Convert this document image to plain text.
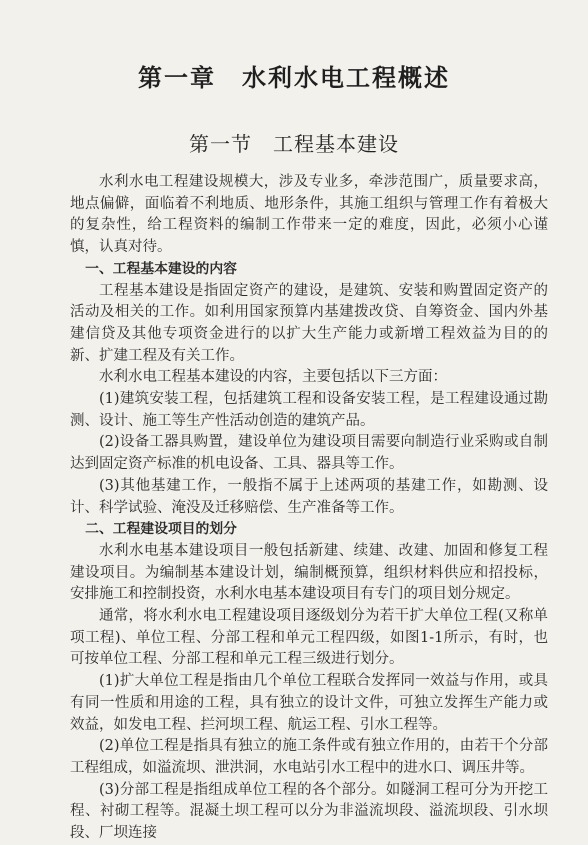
第一章　水利水电工程概述
第一节　工程基本建设

水利水电工程建设规模大，涉及专业多，牵涉范围广，质量要求高，地点偏僻，面临着不利地质、地形条件，其施工组织与管理工作有着极大的复杂性，给工程资料的编制工作带来一定的难度，因此，必须小心谨慎，认真对待。

一、工程基本建设的内容

工程基本建设是指固定资产的建设，是建筑、安装和购置固定资产的活动及相关的工作。如利用国家预算内基建拨改贷、自筹资金、国内外基建信贷及其他专项资金进行的以扩大生产能力或新增工程效益为目的的新、扩建工程及有关工作。

水利水电工程基本建设的内容，主要包括以下三方面：

(1)建筑安装工程，包括建筑工程和设备安装工程，是工程建设通过勘测、设计、施工等生产性活动创造的建筑产品。

(2)设备工器具购置，建设单位为建设项目需要向制造行业采购或自制达到固定资产标准的机电设备、工具、器具等工作。

(3)其他基建工作，一般指不属于上述两项的基建工作，如勘测、设计、科学试验、淹没及迁移赔偿、生产准备等工作。

二、工程建设项目的划分

水利水电基本建设项目一般包括新建、续建、改建、加固和修复工程建设项目。为编制基本建设计划，编制概预算，组织材料供应和招投标，安排施工和控制投资，水利水电基本建设项目有专门的项目划分规定。

通常，将水利水电工程建设项目逐级划分为若干扩大单位工程(又称单项工程)、单位工程、分部工程和单元工程四级，如图1-1所示，有时，也可按单位工程、分部工程和单元工程三级进行划分。

(1)扩大单位工程是指由几个单位工程联合发挥同一效益与作用，或具有同一性质和用途的工程，具有独立的设计文件，可独立发挥生产能力或效益，如发电工程、拦河坝工程、航运工程、引水工程等。

(2)单位工程是指具有独立的施工条件或有独立作用的，由若干个分部工程组成，如溢流坝、泄洪洞，水电站引水工程中的进水口、调压井等。

(3)分部工程是指组成单位工程的各个部分。如隧洞工程可分为开挖工程、衬砌工程等。混凝土坝工程可以分为非溢流坝段、溢流坝段、引水坝段、厂坝连接
